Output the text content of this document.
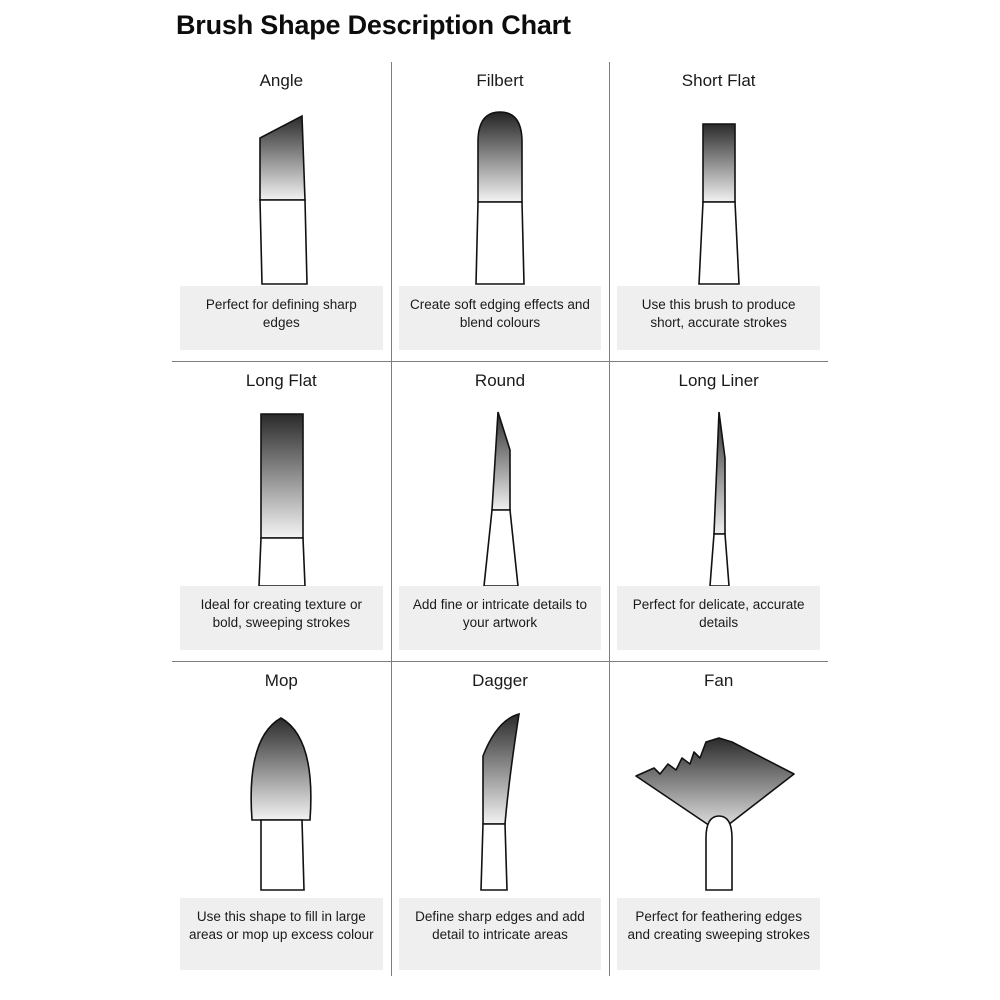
Brush Shape Description Chart
Angle
Perfect for defining sharp edges
Filbert
Create soft edging effects and blend colours
Short Flat
Use this brush to produce short, accurate strokes
Long Flat
Ideal for creating texture or bold, sweeping strokes
Round
Add fine or intricate details to your artwork
Long Liner
Perfect for delicate, accurate details
Mop
Use this shape to fill in large areas or mop up excess colour
Dagger
Define sharp edges and add detail to intricate areas
Fan
Perfect for feathering edges and creating sweeping strokes
